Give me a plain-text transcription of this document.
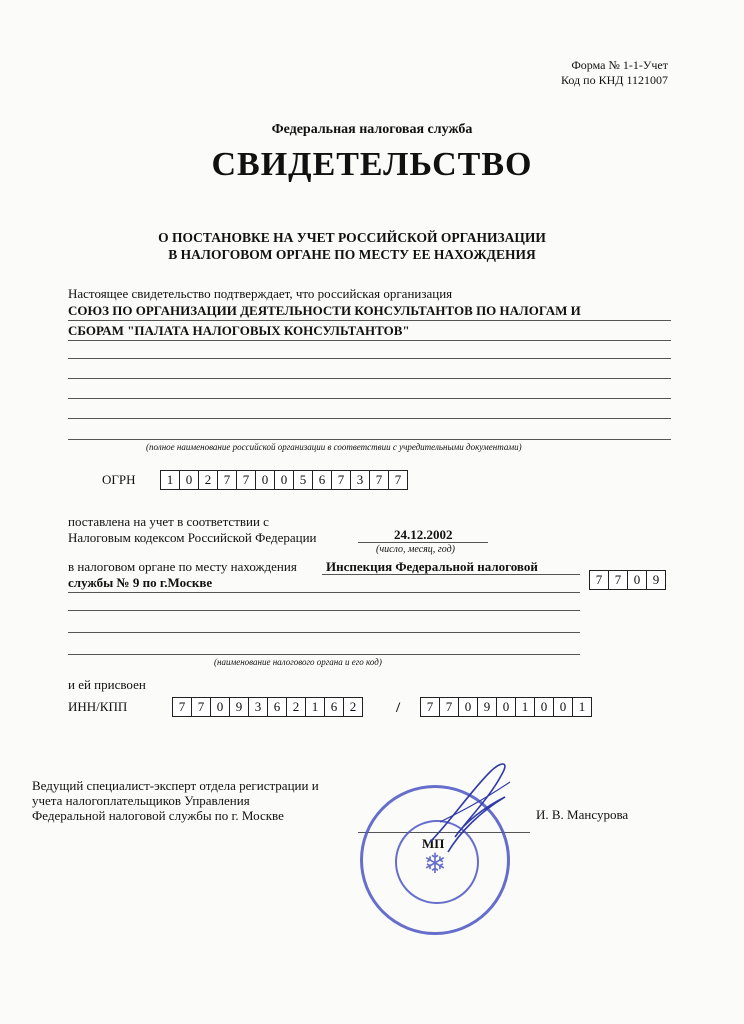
Форма № 1-1-Учет
Код по КНД 1121007
Федеральная налоговая служба
СВИДЕТЕЛЬСТВО
О ПОСТАНОВКЕ НА УЧЕТ РОССИЙСКОЙ ОРГАНИЗАЦИИ
В НАЛОГОВОМ ОРГАНЕ ПО МЕСТУ ЕЕ НАХОЖДЕНИЯ
Настоящее свидетельство подтверждает, что российская организация
СОЮЗ ПО ОРГАНИЗАЦИИ ДЕЯТЕЛЬНОСТИ КОНСУЛЬТАНТОВ ПО НАЛОГАМ И
СБОРАМ "ПАЛАТА НАЛОГОВЫХ КОНСУЛЬТАНТОВ"
(полное наименование российской организации в соответствии с учредительными документами)
ОГРН	1 0 2 7 7 0 0 5 6 7 3 7 7
поставлена на учет в соответствии с
Налоговым кодексом Российской Федерации	24.12.2002
(число, месяц, год)
в налоговом органе по месту нахождения Инспекция Федеральной налоговой
службы № 9 по г.Москве	7 7 0 9
(наименование налогового органа и его код)
и ей присвоен
ИНН/КПП	7 7 0 9 3 6 2 1 6 2	/	7 7 0 9 0 1 0 0 1
Ведущий специалист-эксперт отдела регистрации и
учета налогоплательщиков Управления
Федеральной налоговой службы по г. Москве	И. В. Мансурова
❄
МП
